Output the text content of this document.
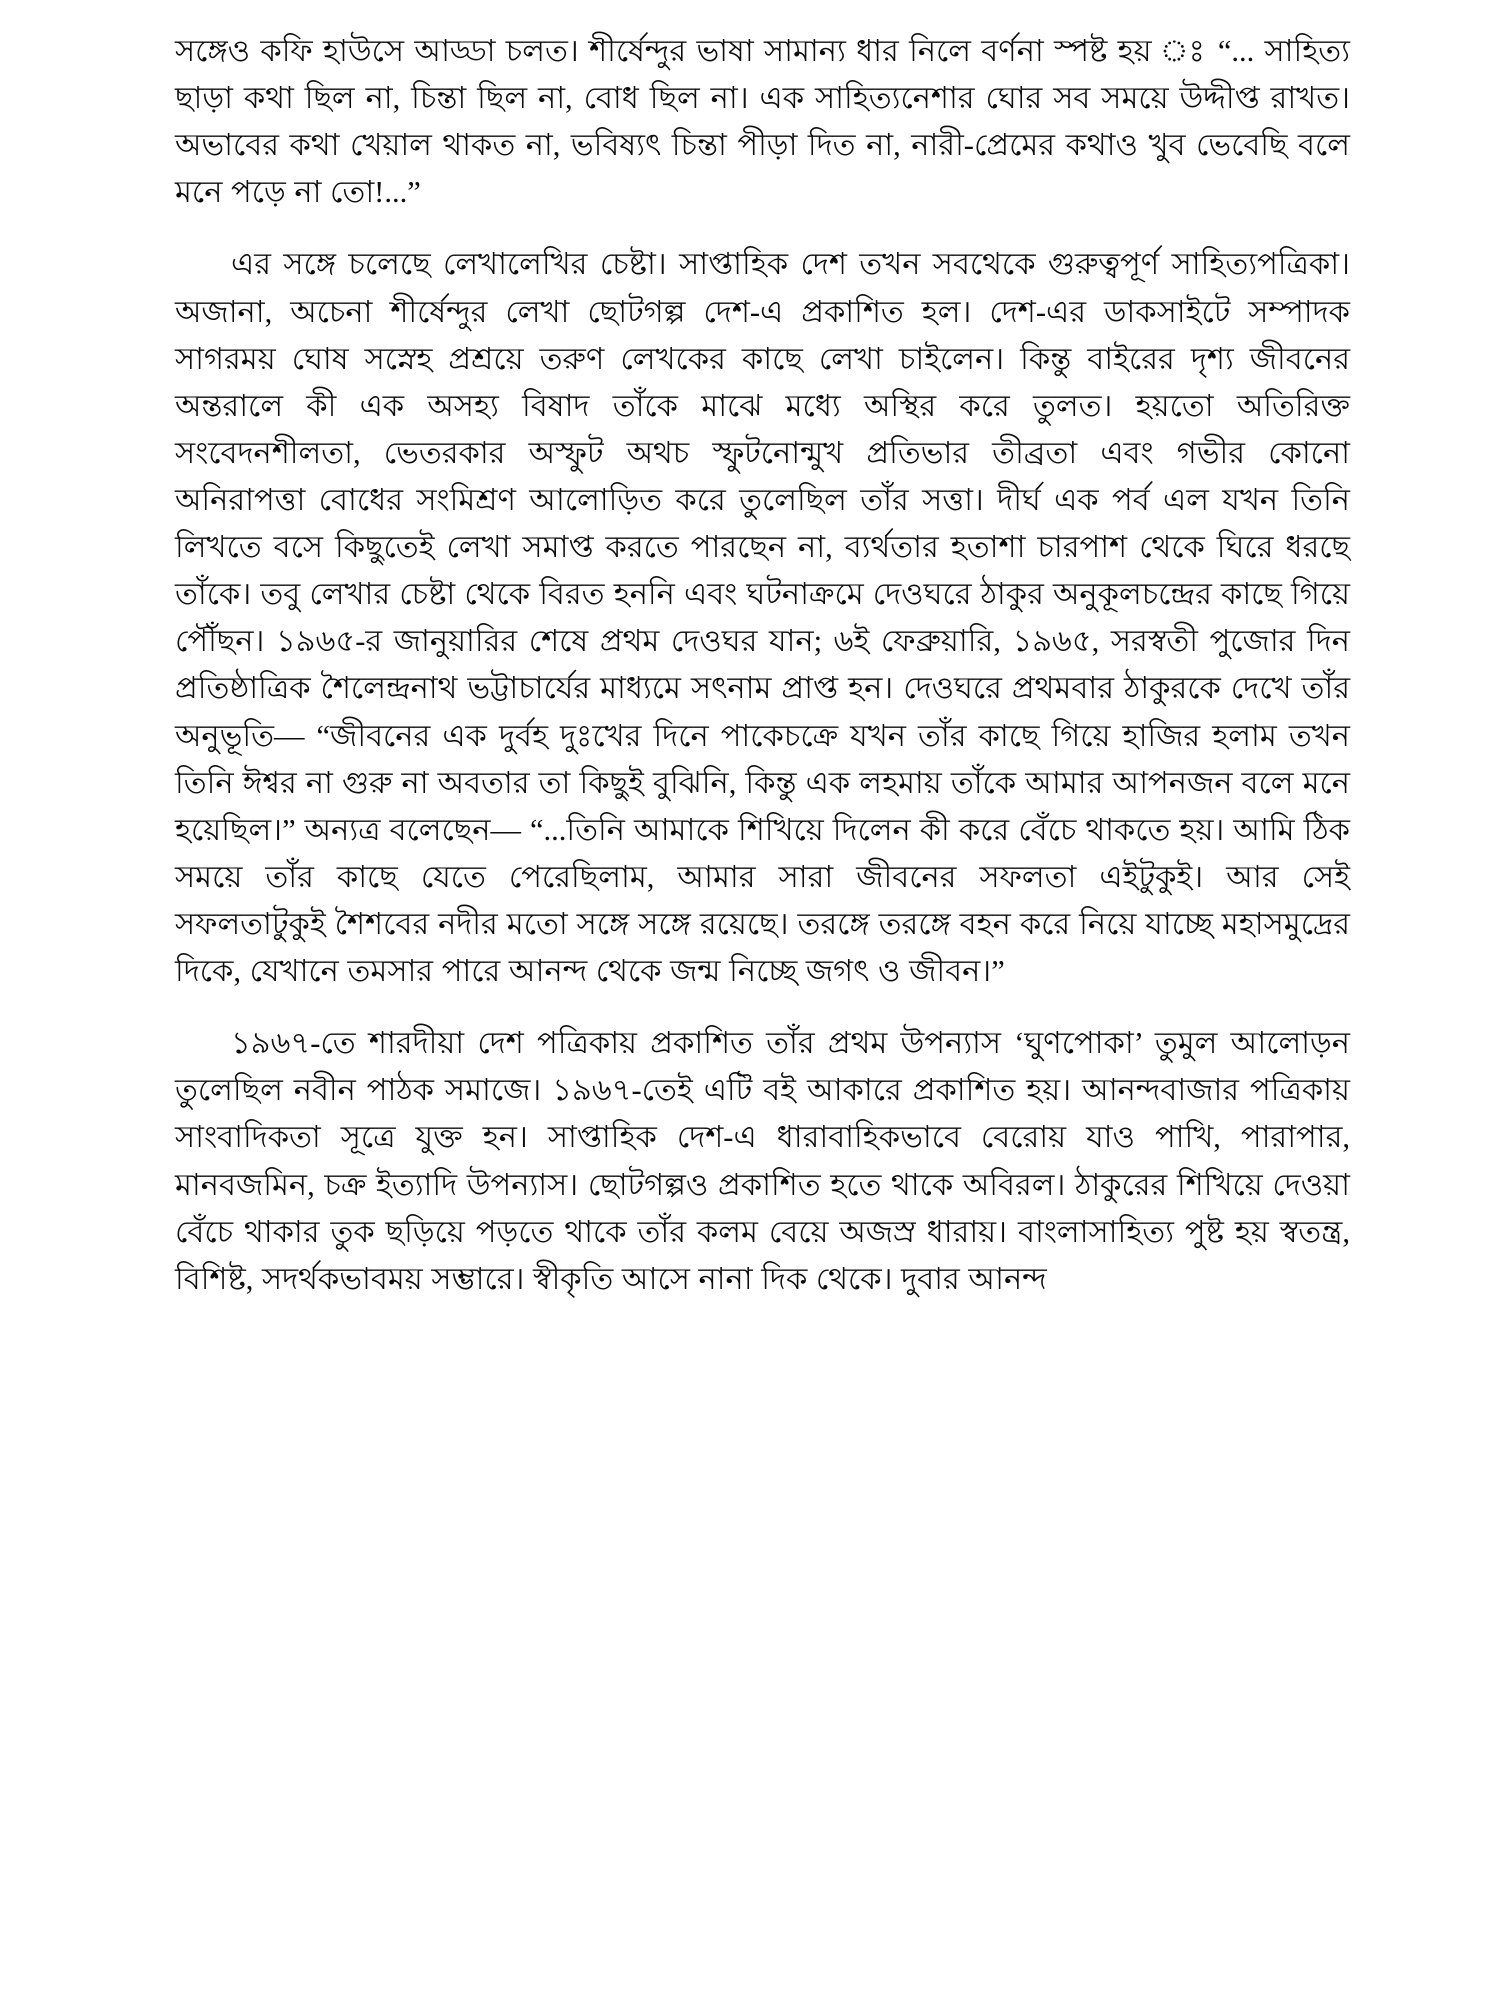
সঙ্গেও কফি হাউসে আড্ডা চলত। শীর্ষেন্দুর ভাষা সামান্য ধার নিলে বর্ণনা স্পষ্ট হয় ঃ “... সাহিত্য ছাড়া কথা ছিল না, চিন্তা ছিল না, বোধ ছিল না। এক সাহিত্যনেশার ঘোর সব সময়ে উদ্দীপ্ত রাখত। অভাবের কথা খেয়াল থাকত না, ভবিষ্যৎ চিন্তা পীড়া দিত না, নারী-প্রেমের কথাও খুব ভেবেছি বলে মনে পড়ে না তো!...”

এর সঙ্গে চলেছে লেখালেখির চেষ্টা। সাপ্তাহিক দেশ তখন সবথেকে গুরুত্বপূর্ণ সাহিত্যপত্রিকা। অজানা, অচেনা শীর্ষেন্দুর লেখা ছোটগল্প দেশ-এ প্রকাশিত হল। দেশ-এর ডাকসাইটে সম্পাদক সাগরময় ঘোষ সস্নেহ প্রশ্রয়ে তরুণ লেখকের কাছে লেখা চাইলেন। কিন্তু বাইরের দৃশ্য জীবনের অন্তরালে কী এক অসহ্য বিষাদ তাঁকে মাঝে মধ্যে অস্থির করে তুলত। হয়তো অতিরিক্ত সংবেদনশীলতা, ভেতরকার অস্ফুট অথচ স্ফুটনোন্মুখ প্রতিভার তীব্রতা এবং গভীর কোনো অনিরাপত্তা বোধের সংমিশ্রণ আলোড়িত করে তুলেছিল তাঁর সত্তা। দীর্ঘ এক পর্ব এল যখন তিনি লিখতে বসে কিছুতেই লেখা সমাপ্ত করতে পারছেন না, ব্যর্থতার হতাশা চারপাশ থেকে ঘিরে ধরছে তাঁকে। তবু লেখার চেষ্টা থেকে বিরত হননি এবং ঘটনাক্রমে দেওঘরে ঠাকুর অনুকূলচন্দ্রের কাছে গিয়ে পৌঁছন। ১৯৬৫-র জানুয়ারির শেষে প্রথম দেওঘর যান; ৬ই ফেব্রুয়ারি, ১৯৬৫, সরস্বতী পুজোর দিন প্রতিষ্ঠাত্রিক শৈলেন্দ্রনাথ ভট্টাচার্যের মাধ্যমে সৎনাম প্রাপ্ত হন। দেওঘরে প্রথমবার ঠাকুরকে দেখে তাঁর অনুভূতি— “জীবনের এক দুর্বহ দুঃখের দিনে পাকেচক্রে যখন তাঁর কাছে গিয়ে হাজির হলাম তখন তিনি ঈশ্বর না গুরু না অবতার তা কিছুই বুঝিনি, কিন্তু এক লহমায় তাঁকে আমার আপনজন বলে মনে হয়েছিল।” অন্যত্র বলেছেন— “...তিনি আমাকে শিখিয়ে দিলেন কী করে বেঁচে থাকতে হয়। আমি ঠিক সময়ে তাঁর কাছে যেতে পেরেছিলাম, আমার সারা জীবনের সফলতা এইটুকুই। আর সেই সফলতাটুকুই শৈশবের নদীর মতো সঙ্গে সঙ্গে রয়েছে। তরঙ্গে তরঙ্গে বহন করে নিয়ে যাচ্ছে মহাসমুদ্রের দিকে, যেখানে তমসার পারে আনন্দ থেকে জন্ম নিচ্ছে জগৎ ও জীবন।”

১৯৬৭-তে শারদীয়া দেশ পত্রিকায় প্রকাশিত তাঁর প্রথম উপন্যাস ‘ঘুণপোকা’ তুমুল আলোড়ন তুলেছিল নবীন পাঠক সমাজে। ১৯৬৭-তেই এটি বই আকারে প্রকাশিত হয়। আনন্দবাজার পত্রিকায় সাংবাদিকতা সূত্রে যুক্ত হন। সাপ্তাহিক দেশ-এ ধারাবাহিকভাবে বেরোয় যাও পাখি, পারাপার, মানবজমিন, চক্র ইত্যাদি উপন্যাস। ছোটগল্পও প্রকাশিত হতে থাকে অবিরল। ঠাকুরের শিখিয়ে দেওয়া বেঁচে থাকার তুক ছড়িয়ে পড়তে থাকে তাঁর কলম বেয়ে অজস্র ধারায়। বাংলাসাহিত্য পুষ্ট হয় স্বতন্ত্র, বিশিষ্ট, সদর্থকভাবময় সম্ভারে। স্বীকৃতি আসে নানা দিক থেকে। দুবার আনন্দ
